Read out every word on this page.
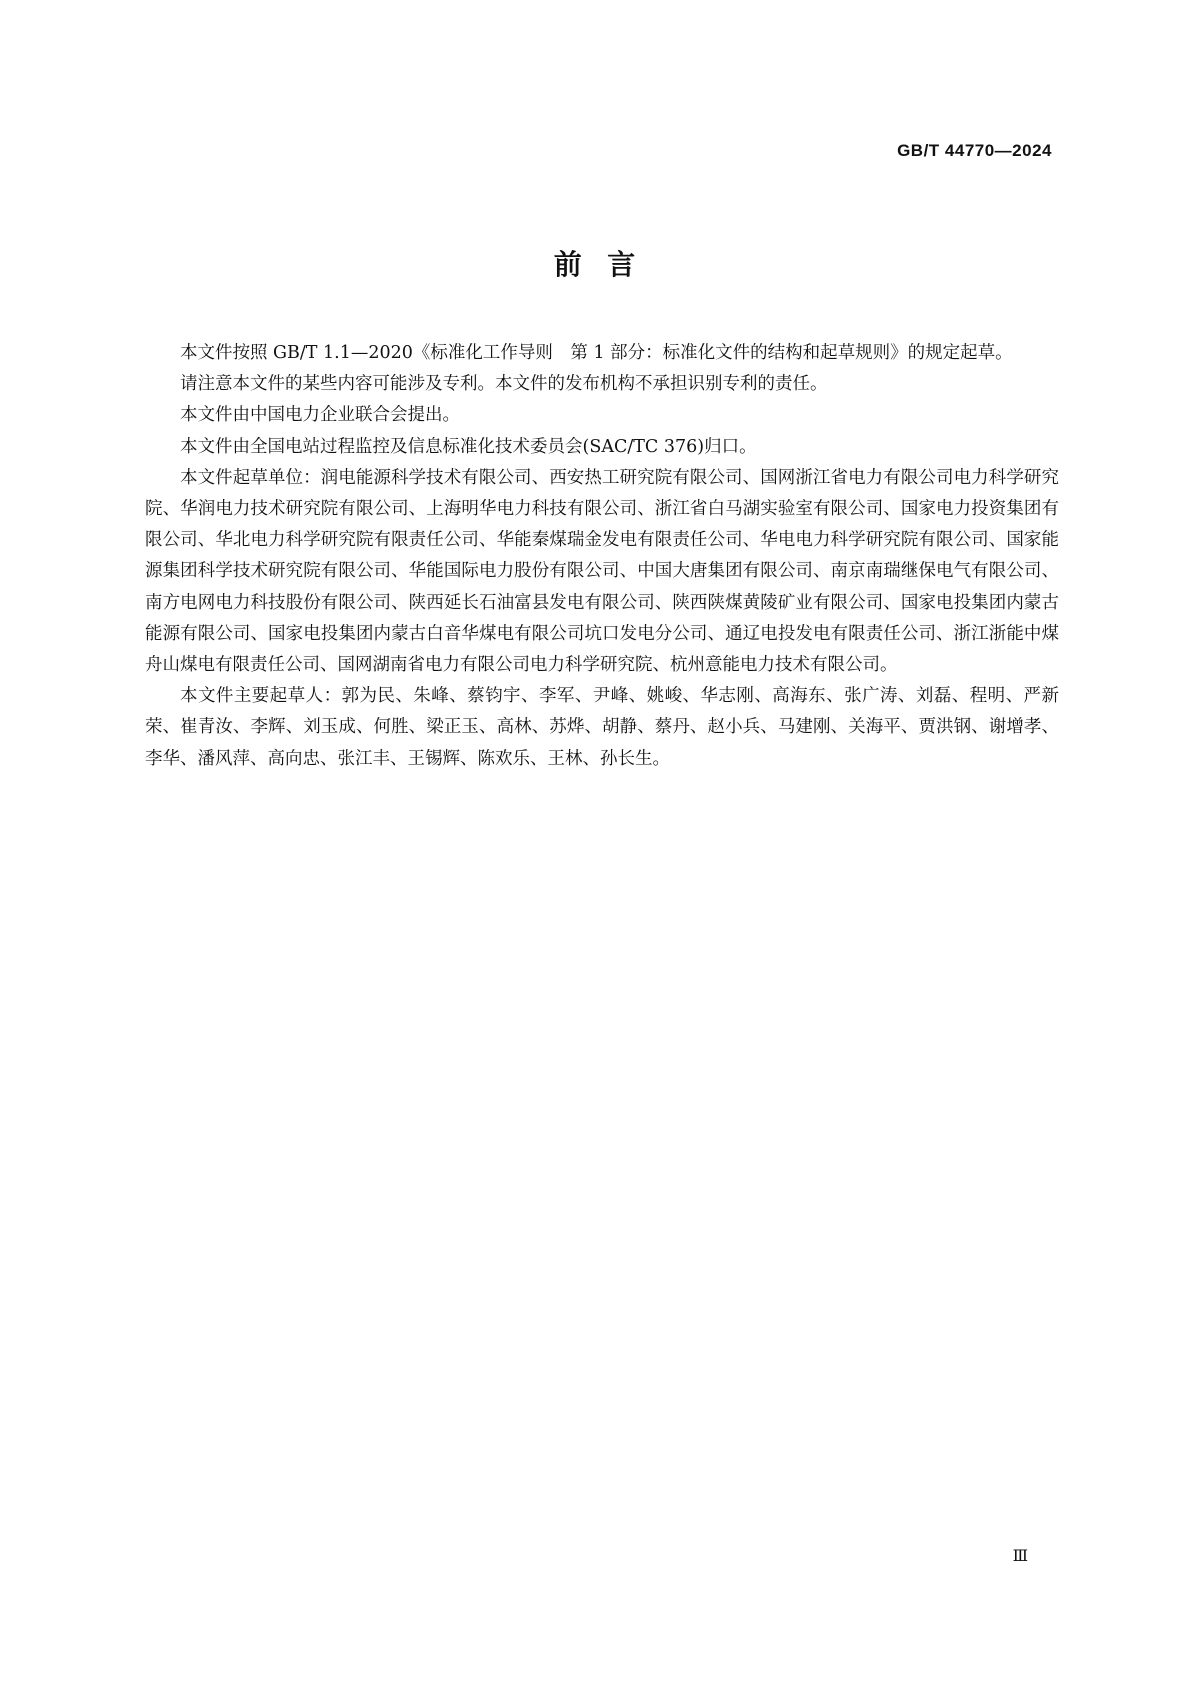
GB/T 44770—2024
前  言

本文件按照 GB/T 1.1—2020《标准化工作导则　第 1 部分：标准化文件的结构和起草规则》的规定起草。

请注意本文件的某些内容可能涉及专利。本文件的发布机构不承担识别专利的责任。

本文件由中国电力企业联合会提出。

本文件由全国电站过程监控及信息标准化技术委员会(SAC/TC 376)归口。

本文件起草单位：润电能源科学技术有限公司、西安热工研究院有限公司、国网浙江省电力有限公司电力科学研究院、华润电力技术研究院有限公司、上海明华电力科技有限公司、浙江省白马湖实验室有限公司、国家电力投资集团有限公司、华北电力科学研究院有限责任公司、华能秦煤瑞金发电有限责任公司、华电电力科学研究院有限公司、国家能源集团科学技术研究院有限公司、华能国际电力股份有限公司、中国大唐集团有限公司、南京南瑞继保电气有限公司、南方电网电力科技股份有限公司、陕西延长石油富县发电有限公司、陕西陕煤黄陵矿业有限公司、国家电投集团内蒙古能源有限公司、国家电投集团内蒙古白音华煤电有限公司坑口发电分公司、通辽电投发电有限责任公司、浙江浙能中煤舟山煤电有限责任公司、国网湖南省电力有限公司电力科学研究院、杭州意能电力技术有限公司。

本文件主要起草人：郭为民、朱峰、蔡钧宇、李军、尹峰、姚峻、华志刚、高海东、张广涛、刘磊、程明、严新荣、崔青汝、李辉、刘玉成、何胜、梁正玉、高林、苏烨、胡静、蔡丹、赵小兵、马建刚、关海平、贾洪钢、谢增孝、李华、潘风萍、高向忠、张江丰、王锡辉、陈欢乐、王林、孙长生。

Ⅲ
